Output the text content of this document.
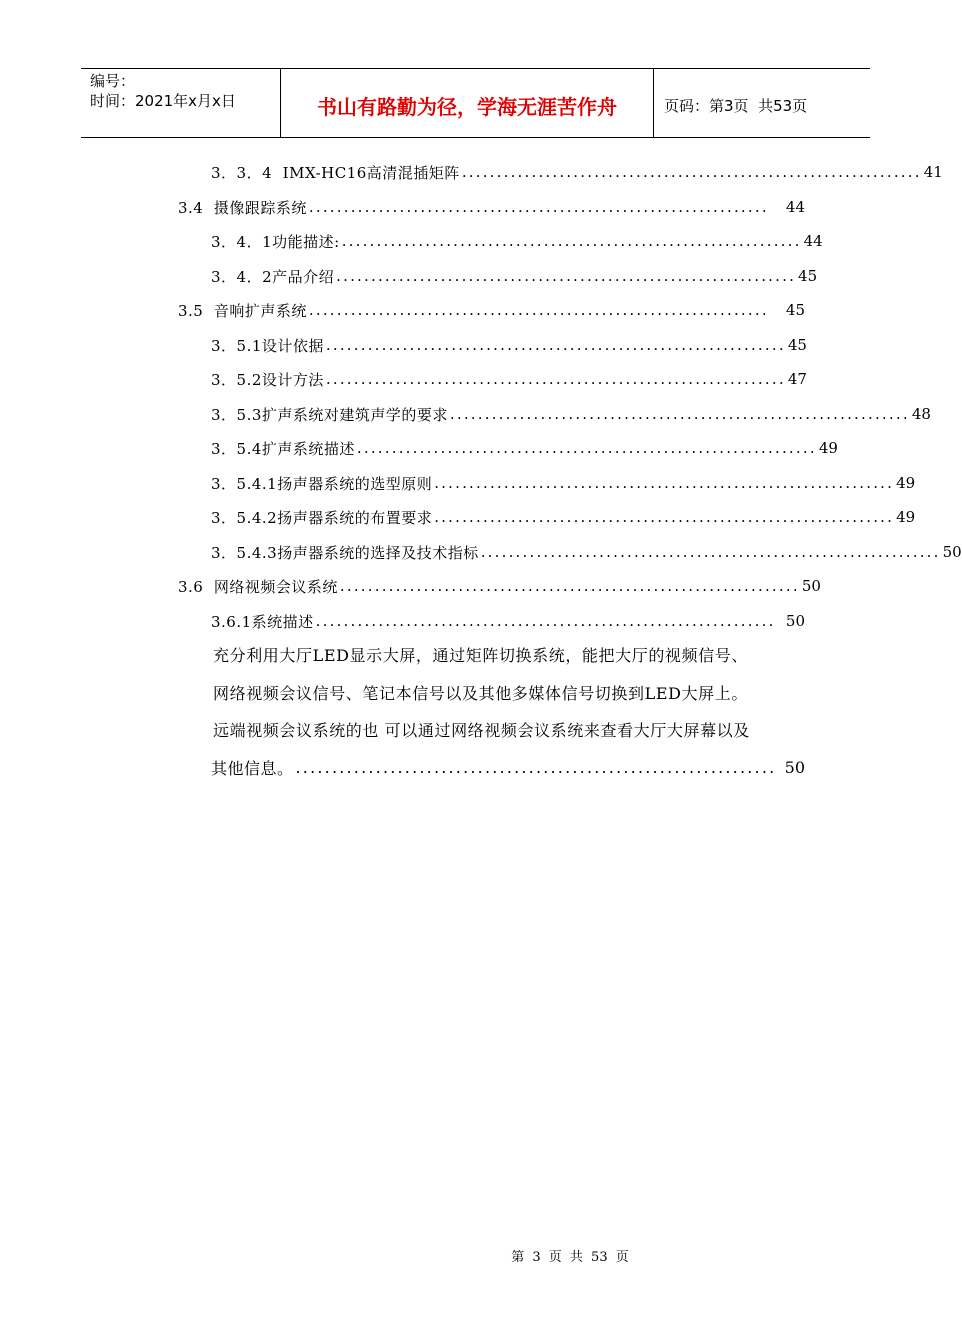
编号：
时间：2021年x月x日	书山有路勤为径，学海无涯苦作舟	页码：第3页  共53页
3．3．4  IMX-HC16高清混插矩阵 .................................................................. 41
3.4  摄像跟踪系统 ..................................................................	44
3．4．1功能描述: .................................................................. 44
3．4．2产品介绍 .................................................................. 45
3.5  音响扩声系统 ..................................................................	45
3．5.1设计依据 .................................................................. 45
3．5.2设计方法 .................................................................. 47
3．5.3扩声系统对建筑声学的要求 .................................................................. 48
3．5.4扩声系统描述 .................................................................. 49
3．5.4.1扬声器系统的选型原则 .................................................................. 49
3．5.4.2扬声器系统的布置要求 .................................................................. 49
3．5.4.3扬声器系统的选择及技术指标 .................................................................. 50
3.6  网络视频会议系统 .................................................................. 50
3.6.1系统描述 .................................................................. 50
充分利用大厅LED显示大屏，通过矩阵切换系统，能把大厅的视频信号、
网络视频会议信号、笔记本信号以及其他多媒体信号切换到LED大屏上。
远端视频会议系统的也 可以通过网络视频会议系统来查看大厅大屏幕以及
其他信息。 .................................................................. 50
第 3 页 共 53 页
